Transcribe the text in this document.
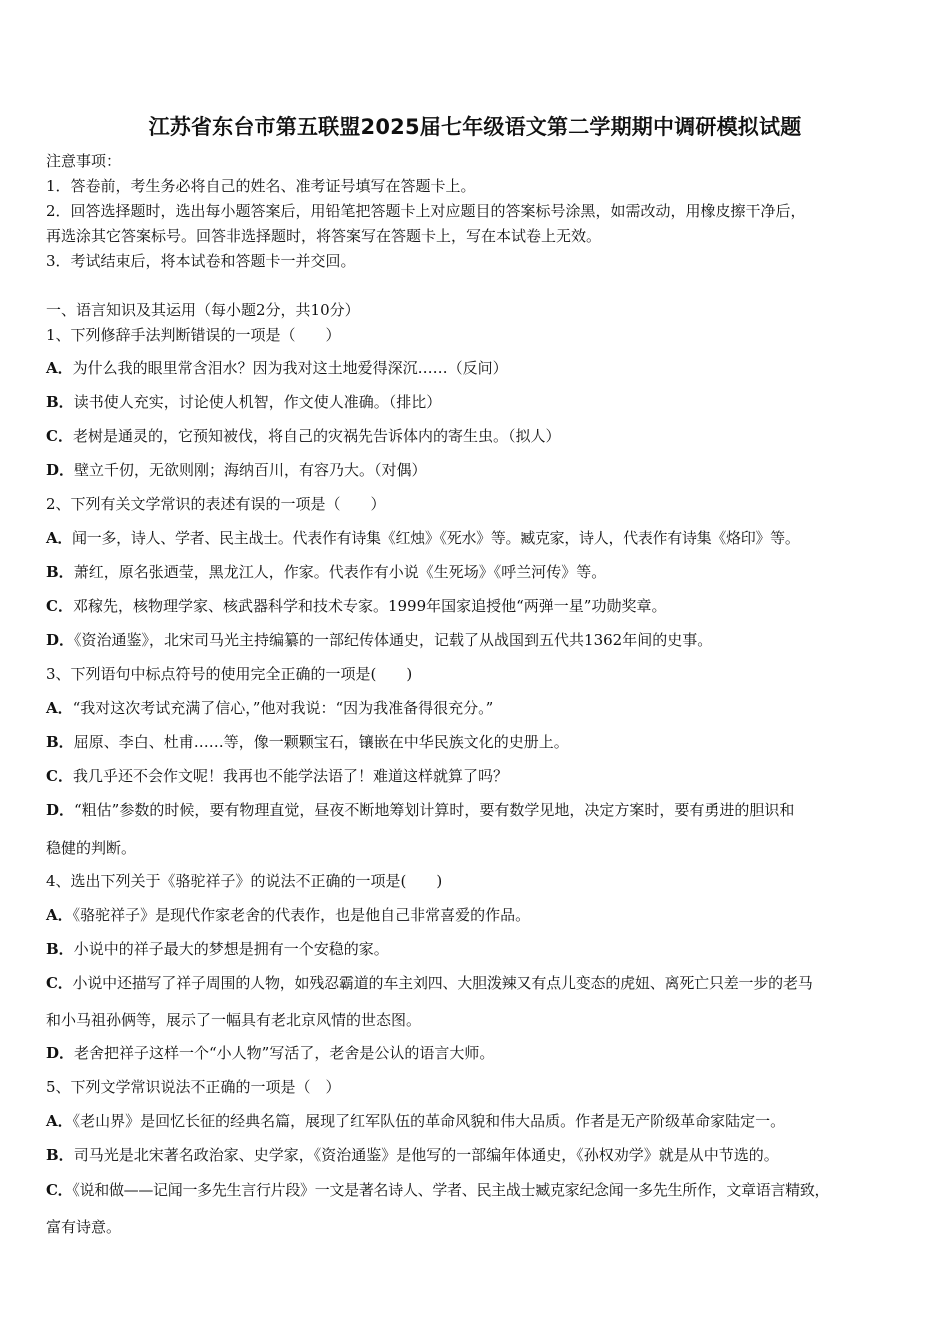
江苏省东台市第五联盟2025届七年级语文第二学期期中调研模拟试题
注意事项：
1．答卷前，考生务必将自己的姓名、准考证号填写在答题卡上。
2．回答选择题时，选出每小题答案后，用铅笔把答题卡上对应题目的答案标号涂黑，如需改动，用橡皮擦干净后，
再选涂其它答案标号。回答非选择题时，将答案写在答题卡上，写在本试卷上无效。
3．考试结束后，将本试卷和答题卡一并交回。
一、语言知识及其运用（每小题2分，共10分）
1、下列修辞手法判断错误的一项是（　　）
A．为什么我的眼里常含泪水？因为我对这土地爱得深沉……（反问）
B．读书使人充实，讨论使人机智，作文使人准确。（排比）
C．老树是通灵的，它预知被伐，将自己的灾祸先告诉体内的寄生虫。（拟人）
D．壁立千仞，无欲则刚；海纳百川，有容乃大。（对偶）
2、下列有关文学常识的表述有误的一项是（　　）
A．闻一多，诗人、学者、民主战士。代表作有诗集《红烛》《死水》等。臧克家，诗人，代表作有诗集《烙印》等。
B．萧红，原名张迺莹，黑龙江人，作家。代表作有小说《生死场》《呼兰河传》等。
C．邓稼先，核物理学家、核武器科学和技术专家。1999年国家追授他“两弹一星”功勋奖章。
D．《资治通鉴》，北宋司马光主持编纂的一部纪传体通史，记载了从战国到五代共1362年间的史事。
3、下列语句中标点符号的使用完全正确的一项是(　　)
A．“我对这次考试充满了信心，”他对我说：“因为我准备得很充分。”
B．屈原、李白、杜甫……等，像一颗颗宝石，镶嵌在中华民族文化的史册上。
C．我几乎还不会作文呢！我再也不能学法语了！难道这样就算了吗？
D．“粗估”参数的时候，要有物理直觉，昼夜不断地筹划计算时，要有数学见地，决定方案时，要有勇进的胆识和
稳健的判断。
4、选出下列关于《骆驼祥子》的说法不正确的一项是(　　)
A．《骆驼祥子》是现代作家老舍的代表作，也是他自己非常喜爱的作品。
B．小说中的祥子最大的梦想是拥有一个安稳的家。
C．小说中还描写了祥子周围的人物，如残忍霸道的车主刘四、大胆泼辣又有点儿变态的虎妞、离死亡只差一步的老马
和小马祖孙俩等，展示了一幅具有老北京风情的世态图。
D．老舍把祥子这样一个“小人物”写活了，老舍是公认的语言大师。
5、下列文学常识说法不正确的一项是（　）
A．《老山界》是回忆长征的经典名篇，展现了红军队伍的革命风貌和伟大品质。作者是无产阶级革命家陆定一。
B．司马光是北宋著名政治家、史学家，《资治通鉴》是他写的一部编年体通史，《孙权劝学》就是从中节选的。
C．《说和做——记闻一多先生言行片段》一文是著名诗人、学者、民主战士臧克家纪念闻一多先生所作，文章语言精致，
富有诗意。
